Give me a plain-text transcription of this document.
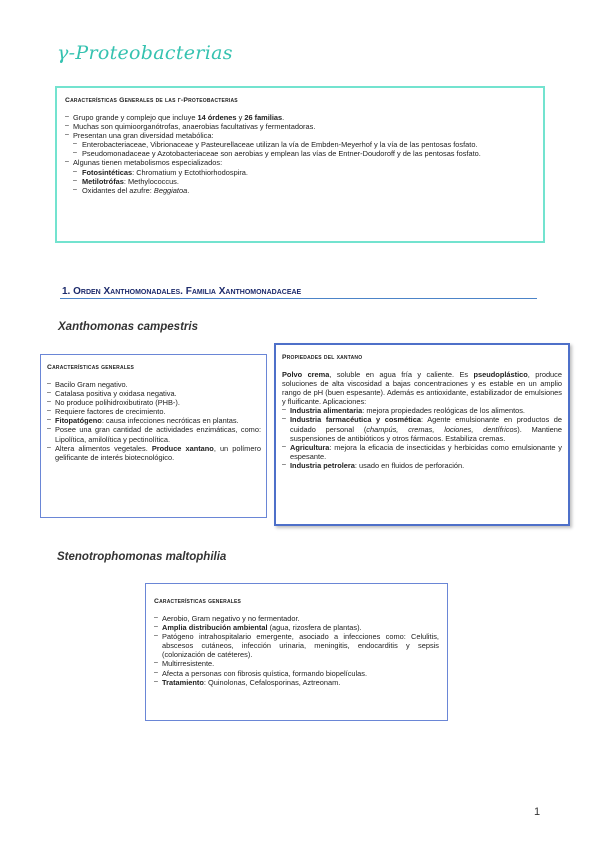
γ-Proteobacterias
Características Generales de las γ-Proteobacterias
– Grupo grande y complejo que incluye 14 órdenes y 26 familias.
– Muchas son quimioorganótrofas, anaerobias facultativas y fermentadoras.
– Presentan una gran diversidad metabólica:
– Enterobacteriaceae, Vibrionaceae y Pasteurellaceae utilizan la vía de Embden-Meyerhof y la vía de las pentosas fosfato.
– Pseudomonadaceae y Azotobacteriaceae son aerobias y emplean las vías de Entner-Doudoroff y de las pentosas fosfato.
– Algunas tienen metabolismos especializados:
– Fotosintéticas: Chromatium y Ectothiorhodospira.
– Metilotrófas: Methylococcus.
– Oxidantes del azufre: Beggiatoa.
1. Orden Xanthomonadales. Familia Xanthomonadaceae
Xanthomonas campestris
Características generales
– Bacilo Gram negativo.
– Catalasa positiva y oxidasa negativa.
– No produce polihidroxibutirato (PHB-).
– Requiere factores de crecimiento.
– Fitopatógeno: causa infecciones necróticas en plantas.
– Posee una gran cantidad de actividades enzimáticas, como: Lipolítica, amilolítica y pectinolítica.
– Altera alimentos vegetales. Produce xantano, un polímero gelificante de interés biotecnológico.
Propiedades del xantano
Polvo crema, soluble en agua fría y caliente. Es pseudoplástico, produce soluciones de alta viscosidad a bajas concentraciones y es estable en un amplio rango de pH (buen espesante). Además es antioxidante, estabilizador de emulsiones y fluificante. Aplicaciones:
– Industria alimentaria: mejora propiedades reológicas de los alimentos.
– Industria farmacéutica y cosmética: Agente emulsionante en productos de cuidado personal (champús, cremas, lociones, dentífricos). Mantiene suspensiones de antibióticos y otros fármacos. Estabiliza cremas.
– Agricultura: mejora la eficacia de insecticidas y herbicidas como emulsionante y espesante.
– Industria petrolera: usado en fluidos de perforación.
Stenotrophomonas maltophilia
Características generales
– Aerobio, Gram negativo y no fermentador.
– Amplia distribución ambiental (agua, rizosfera de plantas).
– Patógeno intrahospitalario emergente, asociado a infecciones como: Celulitis, abscesos cutáneos, infección urinaria, meningitis, endocarditis y sepsis (colonización de catéteres).
– Multirresistente.
– Afecta a personas con fibrosis quística, formando biopelículas.
– Tratamiento: Quinolonas, Cefalosporinas, Aztreonam.
1
